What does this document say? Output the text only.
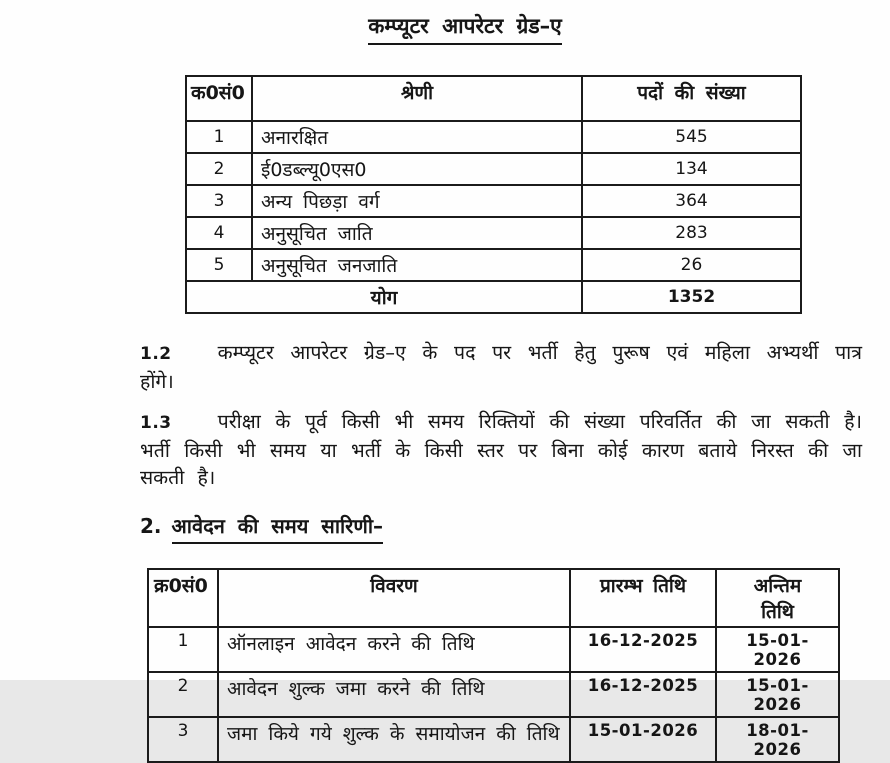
कम्प्यूटर आपरेटर ग्रेड–ए
क0सं0	श्रेणी	पदों की संख्या
1	अनारक्षित	545
2	ई0डब्ल्यू0एस0	134
3	अन्य पिछड़ा वर्ग	364
4	अनुसूचित जाति	283
5	अनुसूचित जनजाति	26
योग		1352

1.2 कम्प्यूटर आपरेटर ग्रेड–ए के पद पर भर्ती हेतु पुरूष एवं महिला अभ्यर्थी पात्र होंगे।

1.3 परीक्षा के पूर्व किसी भी समय रिक्तियों की संख्या परिवर्तित की जा सकती है। भर्ती किसी भी समय या भर्ती के किसी स्तर पर बिना कोई कारण बताये निरस्त की जा सकती है।

2. आवेदन की समय सारिणी–
क्र0सं0	विवरण	प्रारम्भ तिथि	अन्तिम तिथि

1	ऑनलाइन आवेदन करने की तिथि	16-12-2025	15-01-2026
2	आवेदन शुल्क जमा करने की तिथि	16-12-2025	15-01-2026
3	जमा किये गये शुल्क के समायोजन की तिथि	15-01-2026	18-01-2026
